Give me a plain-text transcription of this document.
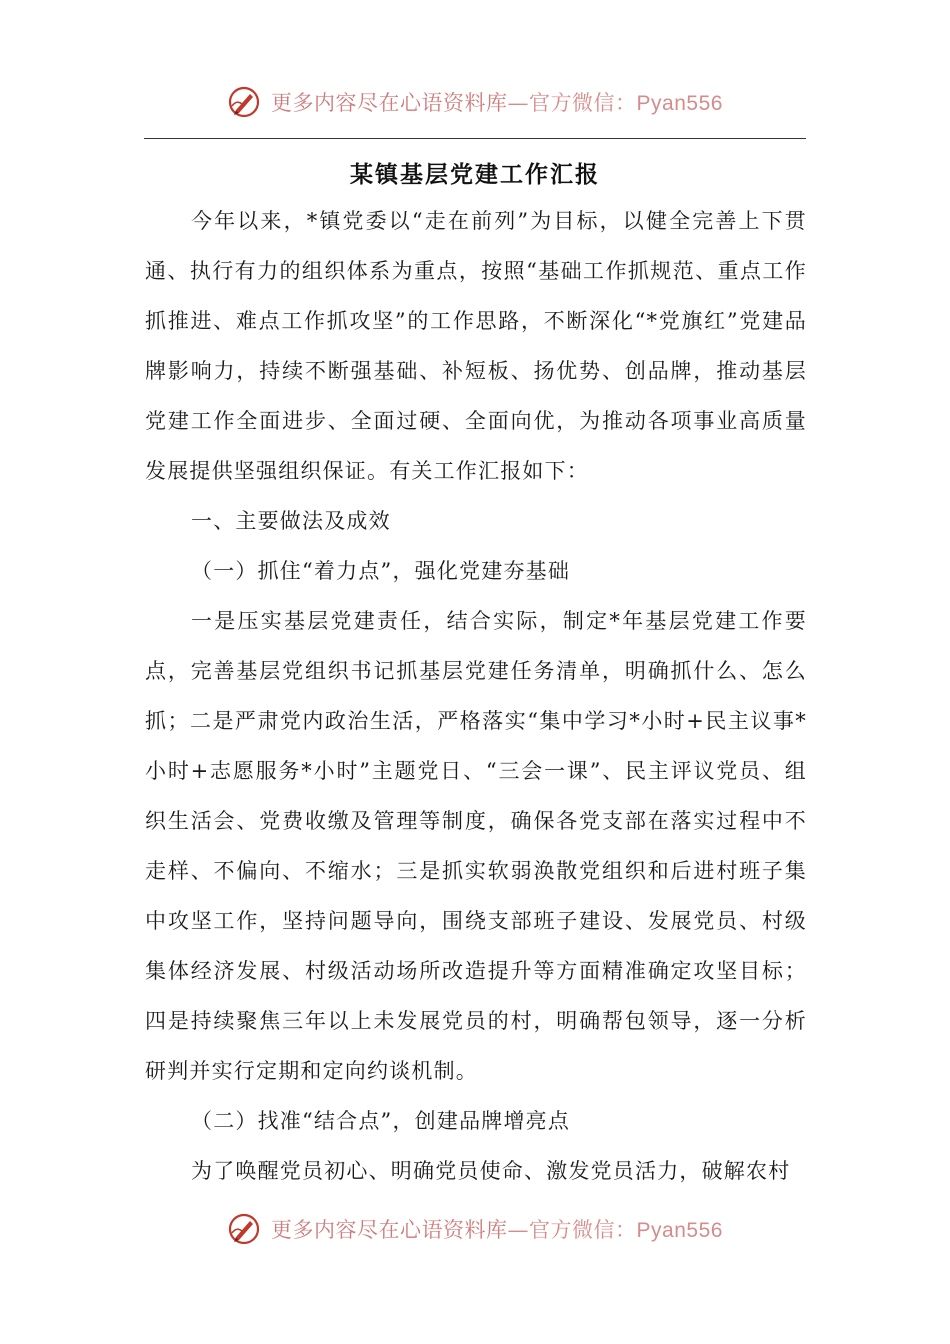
更多内容尽在心语资料库—官方微信：Pyan556
某镇基层党建工作汇报

今年以来，*镇党委以“走在前列”为目标，以健全完善上下贯通、执行有力的组织体系为重点，按照“基础工作抓规范、重点工作抓推进、难点工作抓攻坚”的工作思路，不断深化“*党旗红”党建品牌影响力，持续不断强基础、补短板、扬优势、创品牌，推动基层党建工作全面进步、全面过硬、全面向优，为推动各项事业高质量发展提供坚强组织保证。有关工作汇报如下：

一、主要做法及成效

（一）抓住“着力点”，强化党建夯基础

一是压实基层党建责任，结合实际，制定*年基层党建工作要点，完善基层党组织书记抓基层党建任务清单，明确抓什么、怎么抓；二是严肃党内政治生活，严格落实“集中学习*小时+民主议事*小时+志愿服务*小时”主题党日、“三会一课”、民主评议党员、组织生活会、党费收缴及管理等制度，确保各党支部在落实过程中不走样、不偏向、不缩水；三是抓实软弱涣散党组织和后进村班子集中攻坚工作，坚持问题导向，围绕支部班子建设、发展党员、村级集体经济发展、村级活动场所改造提升等方面精准确定攻坚目标；四是持续聚焦三年以上未发展党员的村，明确帮包领导，逐一分析研判并实行定期和定向约谈机制。

（二）找准“结合点”，创建品牌增亮点

为了唤醒党员初心、明确党员使命、激发党员活力，破解农村

更多内容尽在心语资料库—官方微信：Pyan556
